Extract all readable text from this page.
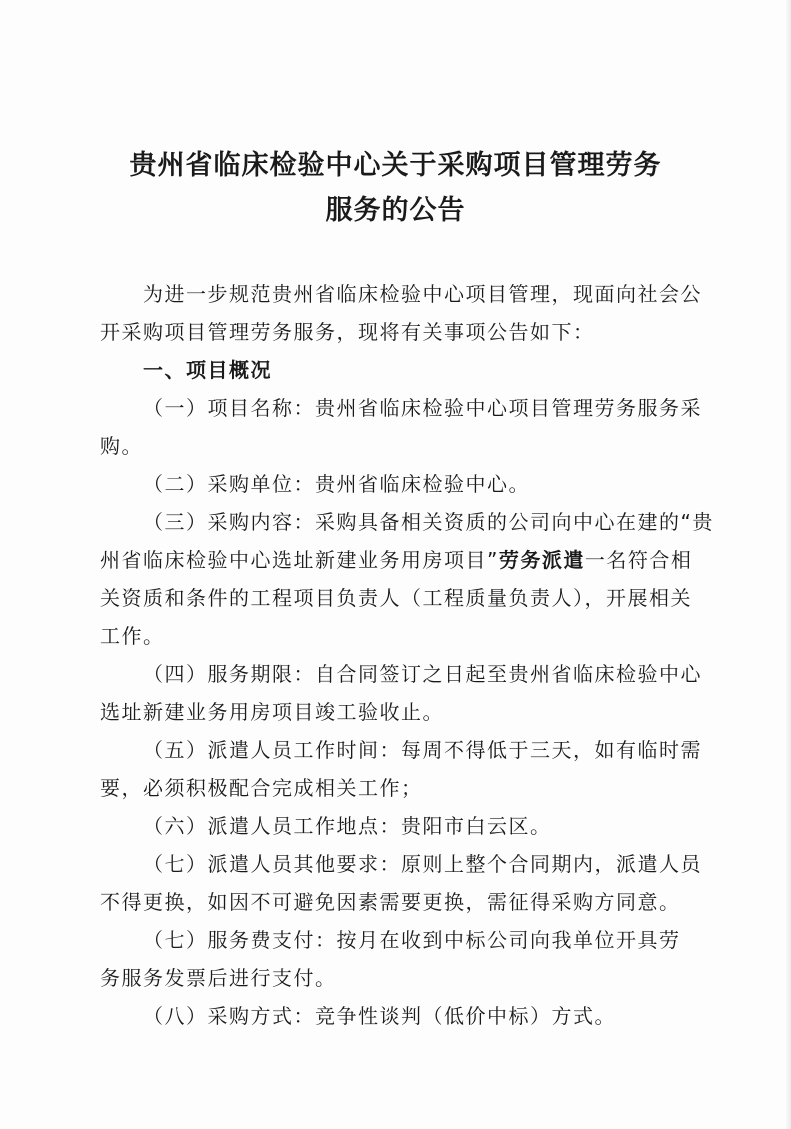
贵州省临床检验中心关于采购项目管理劳务
服务的公告
为进一步规范贵州省临床检验中心项目管理，现面向社会公
开采购项目管理劳务服务，现将有关事项公告如下：
一、项目概况
（一）项目名称：贵州省临床检验中心项目管理劳务服务采
购。
（二）采购单位：贵州省临床检验中心。
（三）采购内容：采购具备相关资质的公司向中心在建的“贵
州省临床检验中心选址新建业务用房项目”劳务派遣一名符合相
关资质和条件的工程项目负责人（工程质量负责人），开展相关
工作。
（四）服务期限：自合同签订之日起至贵州省临床检验中心
选址新建业务用房项目竣工验收止。
（五）派遣人员工作时间：每周不得低于三天，如有临时需
要，必须积极配合完成相关工作；
（六）派遣人员工作地点：贵阳市白云区。
（七）派遣人员其他要求：原则上整个合同期内，派遣人员
不得更换，如因不可避免因素需要更换，需征得采购方同意。
（七）服务费支付：按月在收到中标公司向我单位开具劳
务服务发票后进行支付。
（八）采购方式：竞争性谈判（低价中标）方式。
